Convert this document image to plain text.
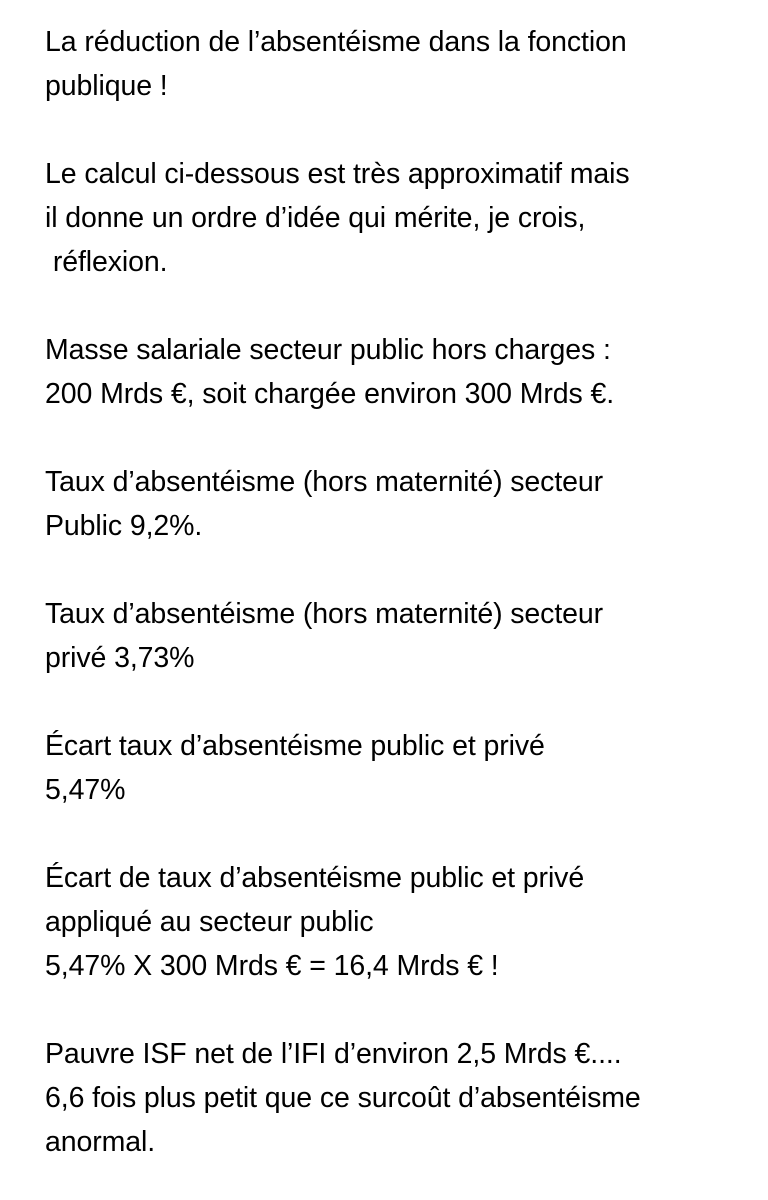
La réduction de l’absentéisme dans la fonction
publique !

Le calcul ci-dessous est très approximatif mais
il donne un ordre d’idée qui mérite, je crois,
réflexion.

Masse salariale secteur public hors charges :
200 Mrds €, soit chargée environ 300 Mrds €.

Taux d’absentéisme (hors maternité) secteur
Public 9,2%.

Taux d’absentéisme (hors maternité) secteur
privé 3,73%

Écart taux d’absentéisme public et privé
5,47%

Écart de taux d’absentéisme public et privé
appliqué au secteur public
5,47% X 300 Mrds € = 16,4 Mrds € !

Pauvre ISF net de l’IFI d’environ 2,5 Mrds €....
6,6 fois plus petit que ce surcoût d’absentéisme
anormal.
